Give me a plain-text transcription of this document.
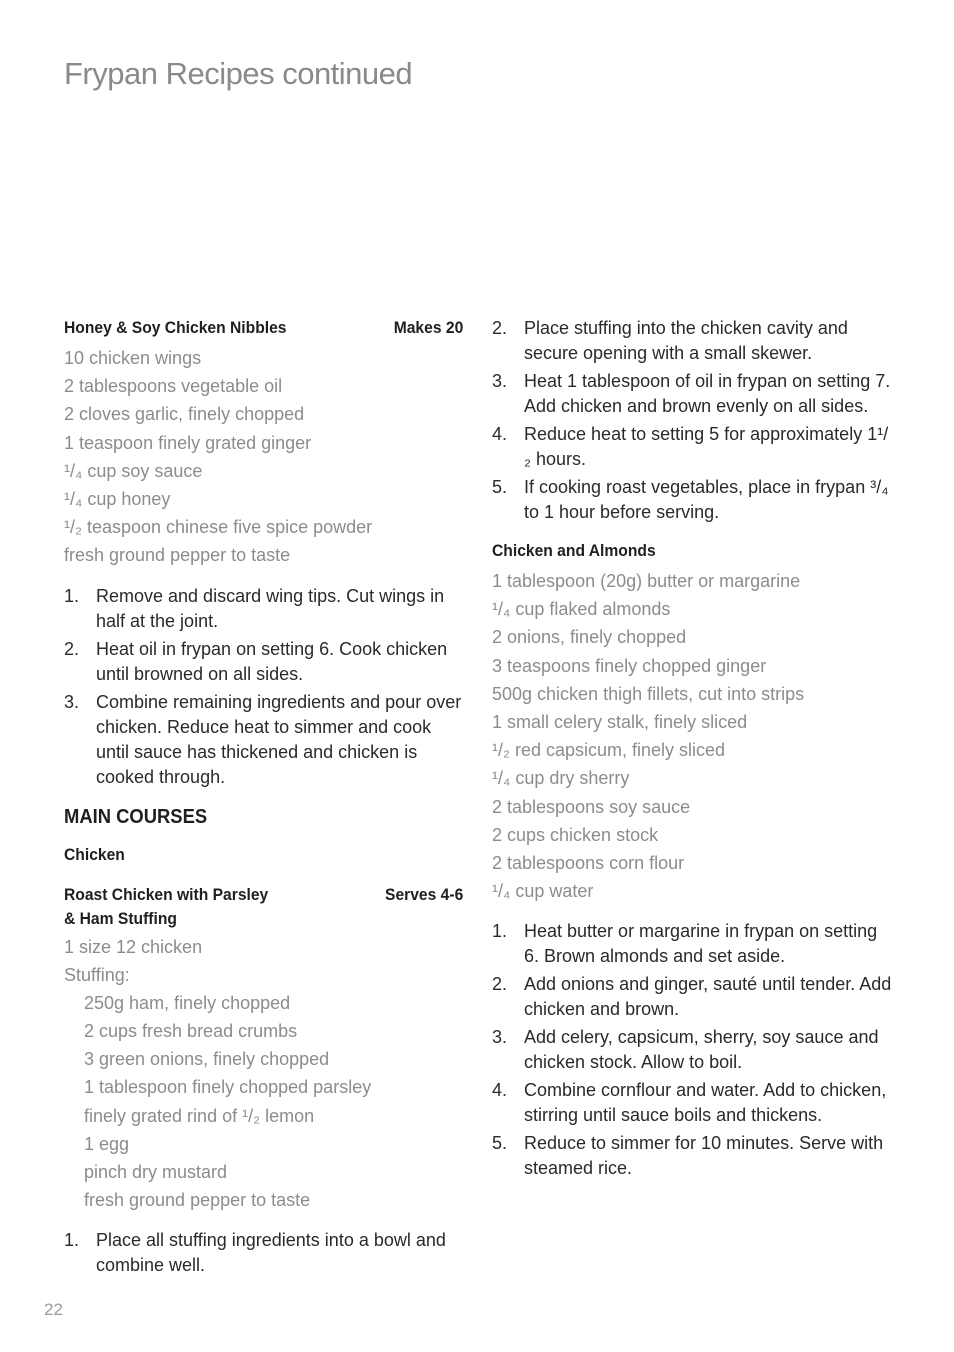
Frypan Recipes continued
Honey & Soy Chicken Nibbles	Makes 20
10 chicken wings
2 tablespoons vegetable oil
2 cloves garlic, finely chopped
1 teaspoon finely grated ginger
¹/₄ cup soy sauce
¹/₄ cup honey
¹/₂ teaspoon chinese five spice powder
fresh ground pepper to taste
1. Remove and discard wing tips. Cut wings in half at the joint.
2. Heat oil in frypan on setting 6. Cook chicken until browned on all sides.
3. Combine remaining ingredients and pour over chicken. Reduce heat to simmer and cook until sauce has thickened and chicken is cooked through.
MAIN COURSES
Chicken
Roast Chicken with Parsley
& Ham Stuffing
Serves 4-6
1 size 12 chicken
Stuffing:
250g ham, finely chopped
2 cups fresh bread crumbs
3 green onions, finely chopped
1 tablespoon finely chopped parsley
finely grated rind of ¹/₂ lemon
1 egg
pinch dry mustard
fresh ground pepper to taste
1. Place all stuffing ingredients into a bowl and combine well.
2. Place stuffing into the chicken cavity and secure opening with a small skewer.
3. Heat 1 tablespoon of oil in frypan on setting 7. Add chicken and brown evenly on all sides.
4. Reduce heat to setting 5 for approximately 1¹/₂ hours.
5. If cooking roast vegetables, place in frypan ³/₄ to 1 hour before serving.
Chicken and Almonds
1 tablespoon (20g) butter or margarine
¹/₄ cup flaked almonds
2 onions, finely chopped
3 teaspoons finely chopped ginger
500g chicken thigh fillets, cut into strips
1 small celery stalk, finely sliced
¹/₂ red capsicum, finely sliced
¹/₄ cup dry sherry
2 tablespoons soy sauce
2 cups chicken stock
2 tablespoons corn flour
¹/₄ cup water
1. Heat butter or margarine in frypan on setting 6. Brown almonds and set aside.
2. Add onions and ginger, sauté until tender. Add chicken and brown.
3. Add celery, capsicum, sherry, soy sauce and chicken stock. Allow to boil.
4. Combine cornflour and water. Add to chicken, stirring until sauce boils and thickens.
5. Reduce to simmer for 10 minutes. Serve with steamed rice.
22
